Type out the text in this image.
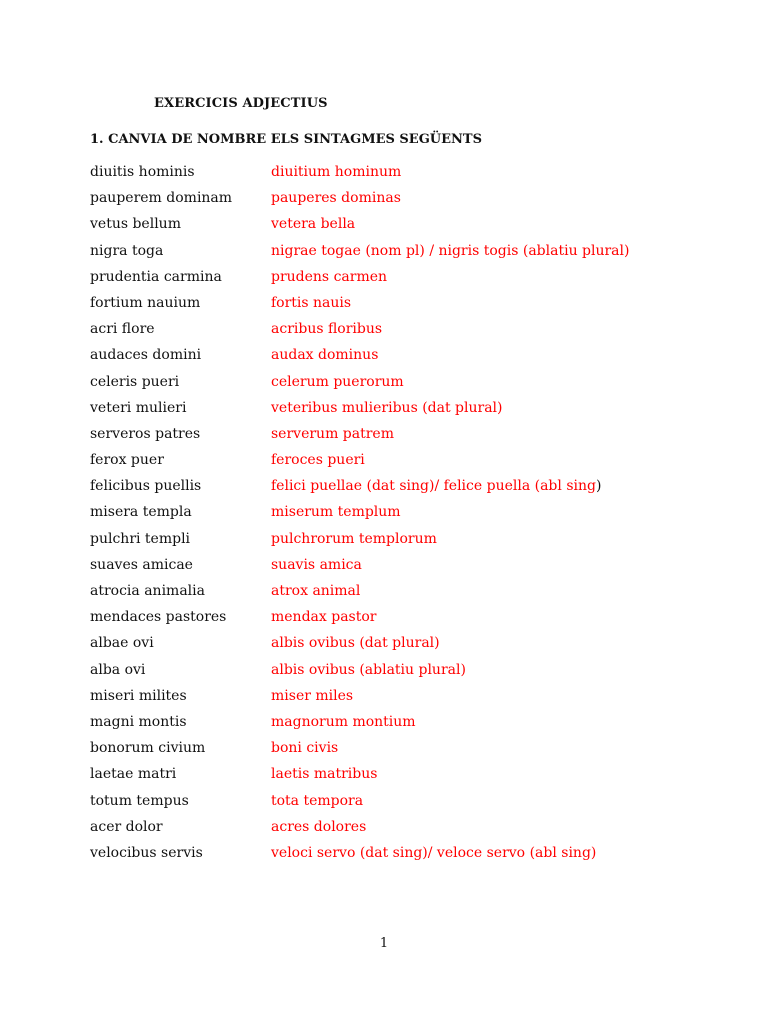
EXERCICIS ADJECTIUS
1. CANVIA DE NOMBRE ELS SINTAGMES SEGÜENTS
diuitis hominis	diuitium hominum
pauperem dominam	pauperes dominas
vetus bellum	vetera bella
nigra toga	nigrae togae (nom pl) / nigris togis (ablatiu plural)
prudentia carmina	prudens carmen
fortium nauium	fortis nauis
acri flore	acribus floribus
audaces domini	audax dominus
celeris pueri	celerum puerorum
veteri mulieri	veteribus mulieribus (dat plural)
serveros patres	serverum patrem
ferox puer	feroces pueri
felicibus puellis	felici puellae (dat sing)/ felice puella (abl sing)
misera templa	miserum templum
pulchri templi	pulchrorum templorum
suaves amicae	suavis amica
atrocia animalia	atrox animal
mendaces pastores	mendax pastor
albae ovi	albis ovibus (dat plural)
alba ovi	albis ovibus (ablatiu plural)
miseri milites	miser miles
magni montis	magnorum montium
bonorum civium	boni civis
laetae matri	laetis matribus
totum tempus	tota tempora
acer dolor	acres dolores
velocibus servis	veloci servo (dat sing)/ veloce servo (abl sing)
1
